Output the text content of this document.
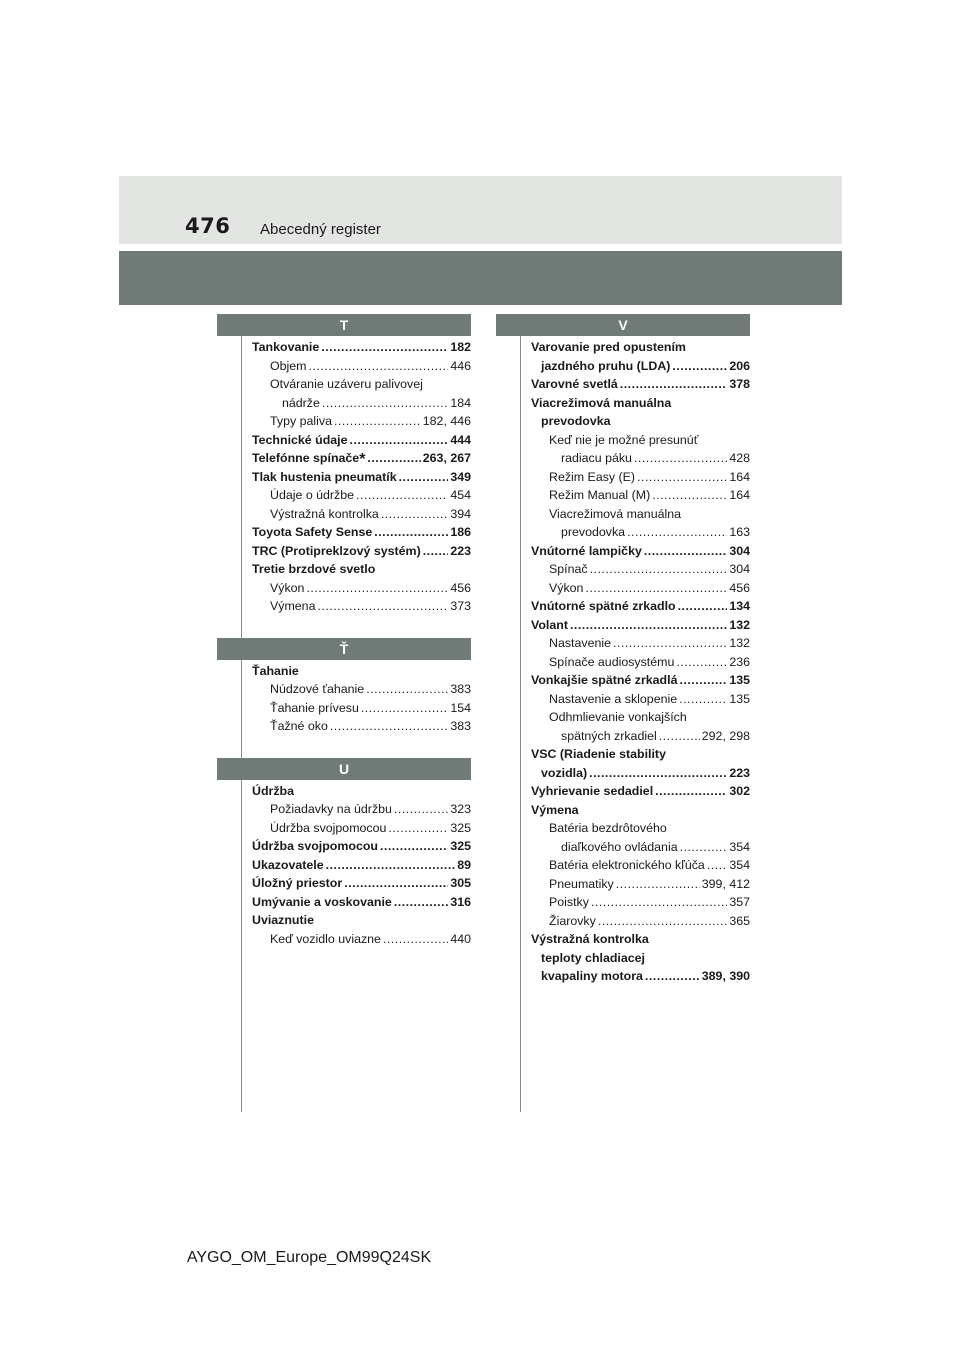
476 Abecedný register
T
Tankovanie .....	182
Objem .....	446
Otváranie uzáveru palivovej
nádrže .....	184
Typy paliva .....	182, 446
Technické údaje .....	444
Telefónne spínače* .....	263, 267
Tlak hustenia pneumatík .....	349
Údaje o údržbe .....	454
Výstražná kontrolka .....	394
Toyota Safety Sense .....	186
TRC (Protipreklzový systém) ..... 223
Tretie brzdové svetlo
Výkon .....	456
Výmena .....	373
Ť
Ťahanie
Núdzové ťahanie .....	383
Ťahanie prívesu .....	154
Ťažné oko .....	383
U
Údržba
Požiadavky na údržbu .....	323
Údržba svojpomocou .....	325
Údržba svojpomocou .....	325
Ukazovatele .....	89
Úložný priestor .....	305
Umývanie a voskovanie .....	316
Uviaznutie
Keď vozidlo uviazne .....	440
V
Varovanie pred opustením
jazdného pruhu (LDA) .....	206
Varovné svetlá .....	378
Viacrežimová manuálna
prevodovka
Keď nie je možné presunúť
radiacu páku .....	428
Režim Easy (E) .....	164
Režim Manual (M) .....	164
Viacrežimová manuálna
prevodovka .....	163
Vnútorné lampičky .....	304
Spínač .....	304
Výkon .....	456
Vnútorné spätné zrkadlo .....	134
Volant .....	132
Nastavenie .....	132
Spínače audiosystému .....	236
Vonkajšie spätné zrkadlá .....	135
Nastavenie a sklopenie .....	135
Odhmlievanie vonkajších
spätných zrkadiel .....	292, 298
VSC (Riadenie stability
vozidla) .....	223
Vyhrievanie sedadiel .....	302
Výmena
Batéria bezdrôtového
diaľkového ovládania .....	354
Batéria elektronického kľúča ..... 354
Pneumatiky .....	399, 412
Poistky .....	357
Žiarovky .....	365
Výstražná kontrolka
teploty chladiacej
kvapaliny motora .....	389, 390
AYGO_OM_Europe_OM99Q24SK
